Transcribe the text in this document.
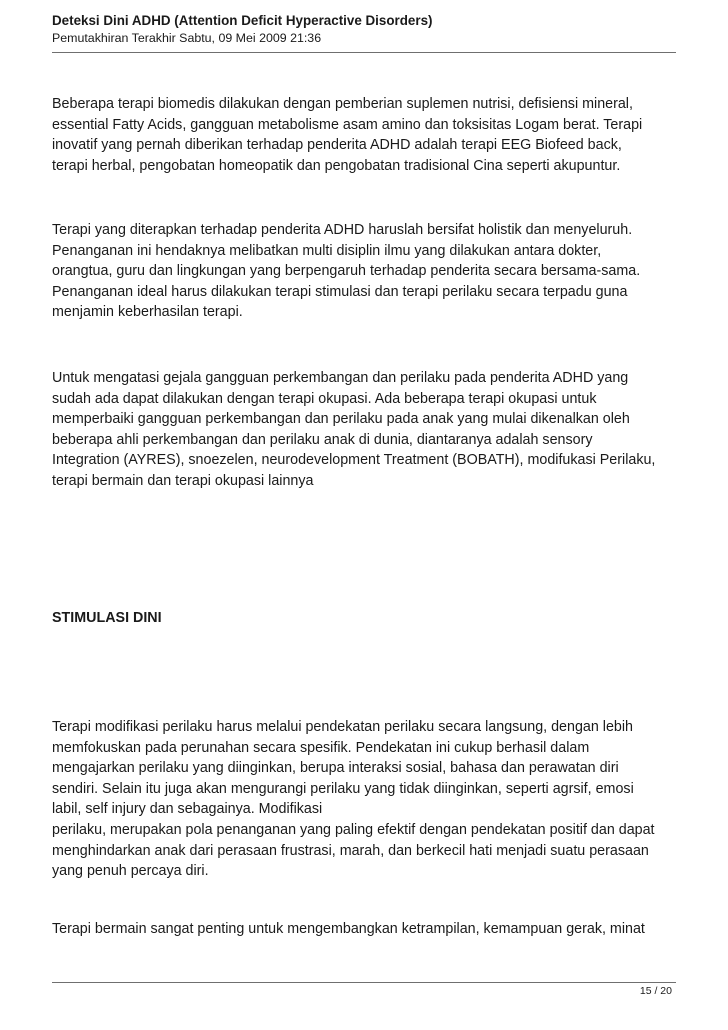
Deteksi Dini ADHD (Attention Deficit Hyperactive Disorders)
Pemutakhiran Terakhir Sabtu, 09 Mei 2009 21:36
Beberapa terapi biomedis dilakukan dengan pemberian suplemen nutrisi, defisiensi mineral,
essential Fatty Acids, gangguan metabolisme asam amino dan toksisitas Logam berat. Terapi
inovatif yang pernah diberikan terhadap penderita ADHD adalah terapi EEG Biofeed back,
terapi herbal, pengobatan homeopatik dan pengobatan tradisional Cina seperti akupuntur.
Terapi yang diterapkan terhadap penderita ADHD haruslah bersifat holistik dan menyeluruh.
Penanganan ini hendaknya melibatkan multi disiplin ilmu yang dilakukan antara dokter,
orangtua, guru dan lingkungan yang berpengaruh terhadap penderita secara bersama-sama.
Penanganan ideal harus dilakukan terapi stimulasi dan terapi perilaku secara terpadu guna
menjamin keberhasilan terapi.
Untuk mengatasi gejala gangguan perkembangan dan perilaku pada penderita ADHD yang
sudah ada dapat dilakukan dengan terapi okupasi. Ada beberapa terapi okupasi untuk
memperbaiki gangguan perkembangan dan perilaku pada anak yang mulai dikenalkan oleh
beberapa ahli perkembangan dan perilaku anak di dunia, diantaranya adalah sensory
Integration (AYRES), snoezelen, neurodevelopment Treatment (BOBATH), modifukasi Perilaku,
terapi bermain dan terapi okupasi lainnya
STIMULASI DINI
Terapi modifikasi perilaku harus melalui pendekatan perilaku secara langsung, dengan lebih
memfokuskan pada perunahan secara spesifik. Pendekatan ini cukup berhasil dalam
mengajarkan perilaku yang diinginkan, berupa interaksi sosial, bahasa dan perawatan diri
sendiri. Selain itu juga akan mengurangi perilaku yang tidak diinginkan, seperti agrsif, emosi
labil, self injury dan sebagainya. Modifikasi
perilaku, merupakan pola penanganan yang paling efektif dengan pendekatan positif dan dapat
menghindarkan anak dari perasaan frustrasi, marah, dan berkecil hati menjadi suatu perasaan
yang penuh percaya diri.
Terapi bermain sangat penting untuk mengembangkan ketrampilan, kemampuan gerak, minat
15 / 20
